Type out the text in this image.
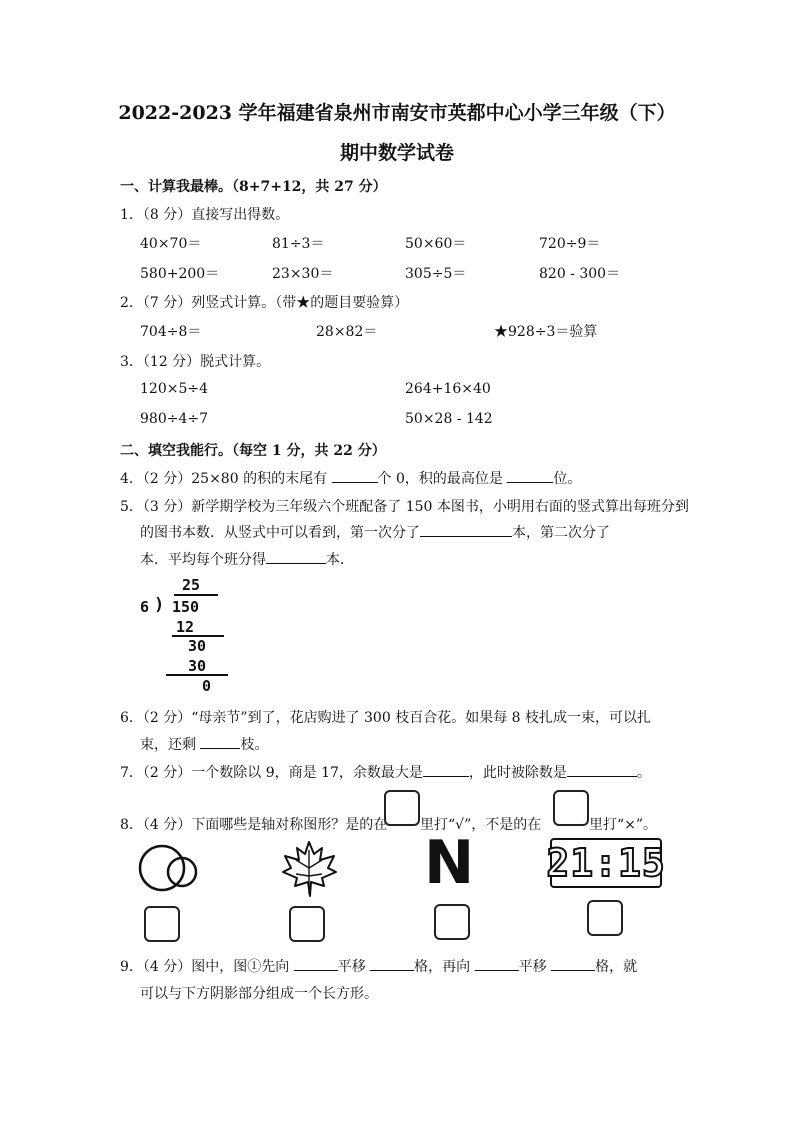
2022-2023 学年福建省泉州市南安市英都中心小学三年级（下）
期中数学试卷
一、计算我最棒。（8+7+12，共 27 分）
1．（8 分）直接写出得数。
40×70＝	81÷3＝	50×60＝	720÷9＝
580+200＝	23×30＝	305÷5＝	820 - 300＝
2．（7 分）列竖式计算。（带★的题目要验算）
704÷8＝	28×82＝	★928÷3＝验算
3．（12 分）脱式计算。
120×5÷4	264+16×40
980÷4÷7	50×28 - 142
二、填空我能行。（每空 1 分，共 22 分）
4．（2 分）25×80 的积的末尾有	个 0，积的最高位是	位。
5．（3 分）新学期学校为三年级六个班配备了 150 本图书，小明用右面的竖式算出每班分到
的图书本数．从竖式中可以看到，第一次分了	本，第二次分了
本．平均每个班分得	本．
25
6 ) 150
12
30
30
0
6．（2 分）“母亲节”到了，花店购进了 300 枝百合花。如果每 8 枝扎成一束，可以扎
束，还剩	枝。
7．（2 分）一个数除以 9，商是 17，余数最大是	，此时被除数是	。
8．（4 分）下面哪些是轴对称图形？是的在 里打“√”，不是的在	里打“×”。
N 21:15
9．（4 分）图中，图①先向	平移	格，再向	平移	格，就
可以与下方阴影部分组成一个长方形。
